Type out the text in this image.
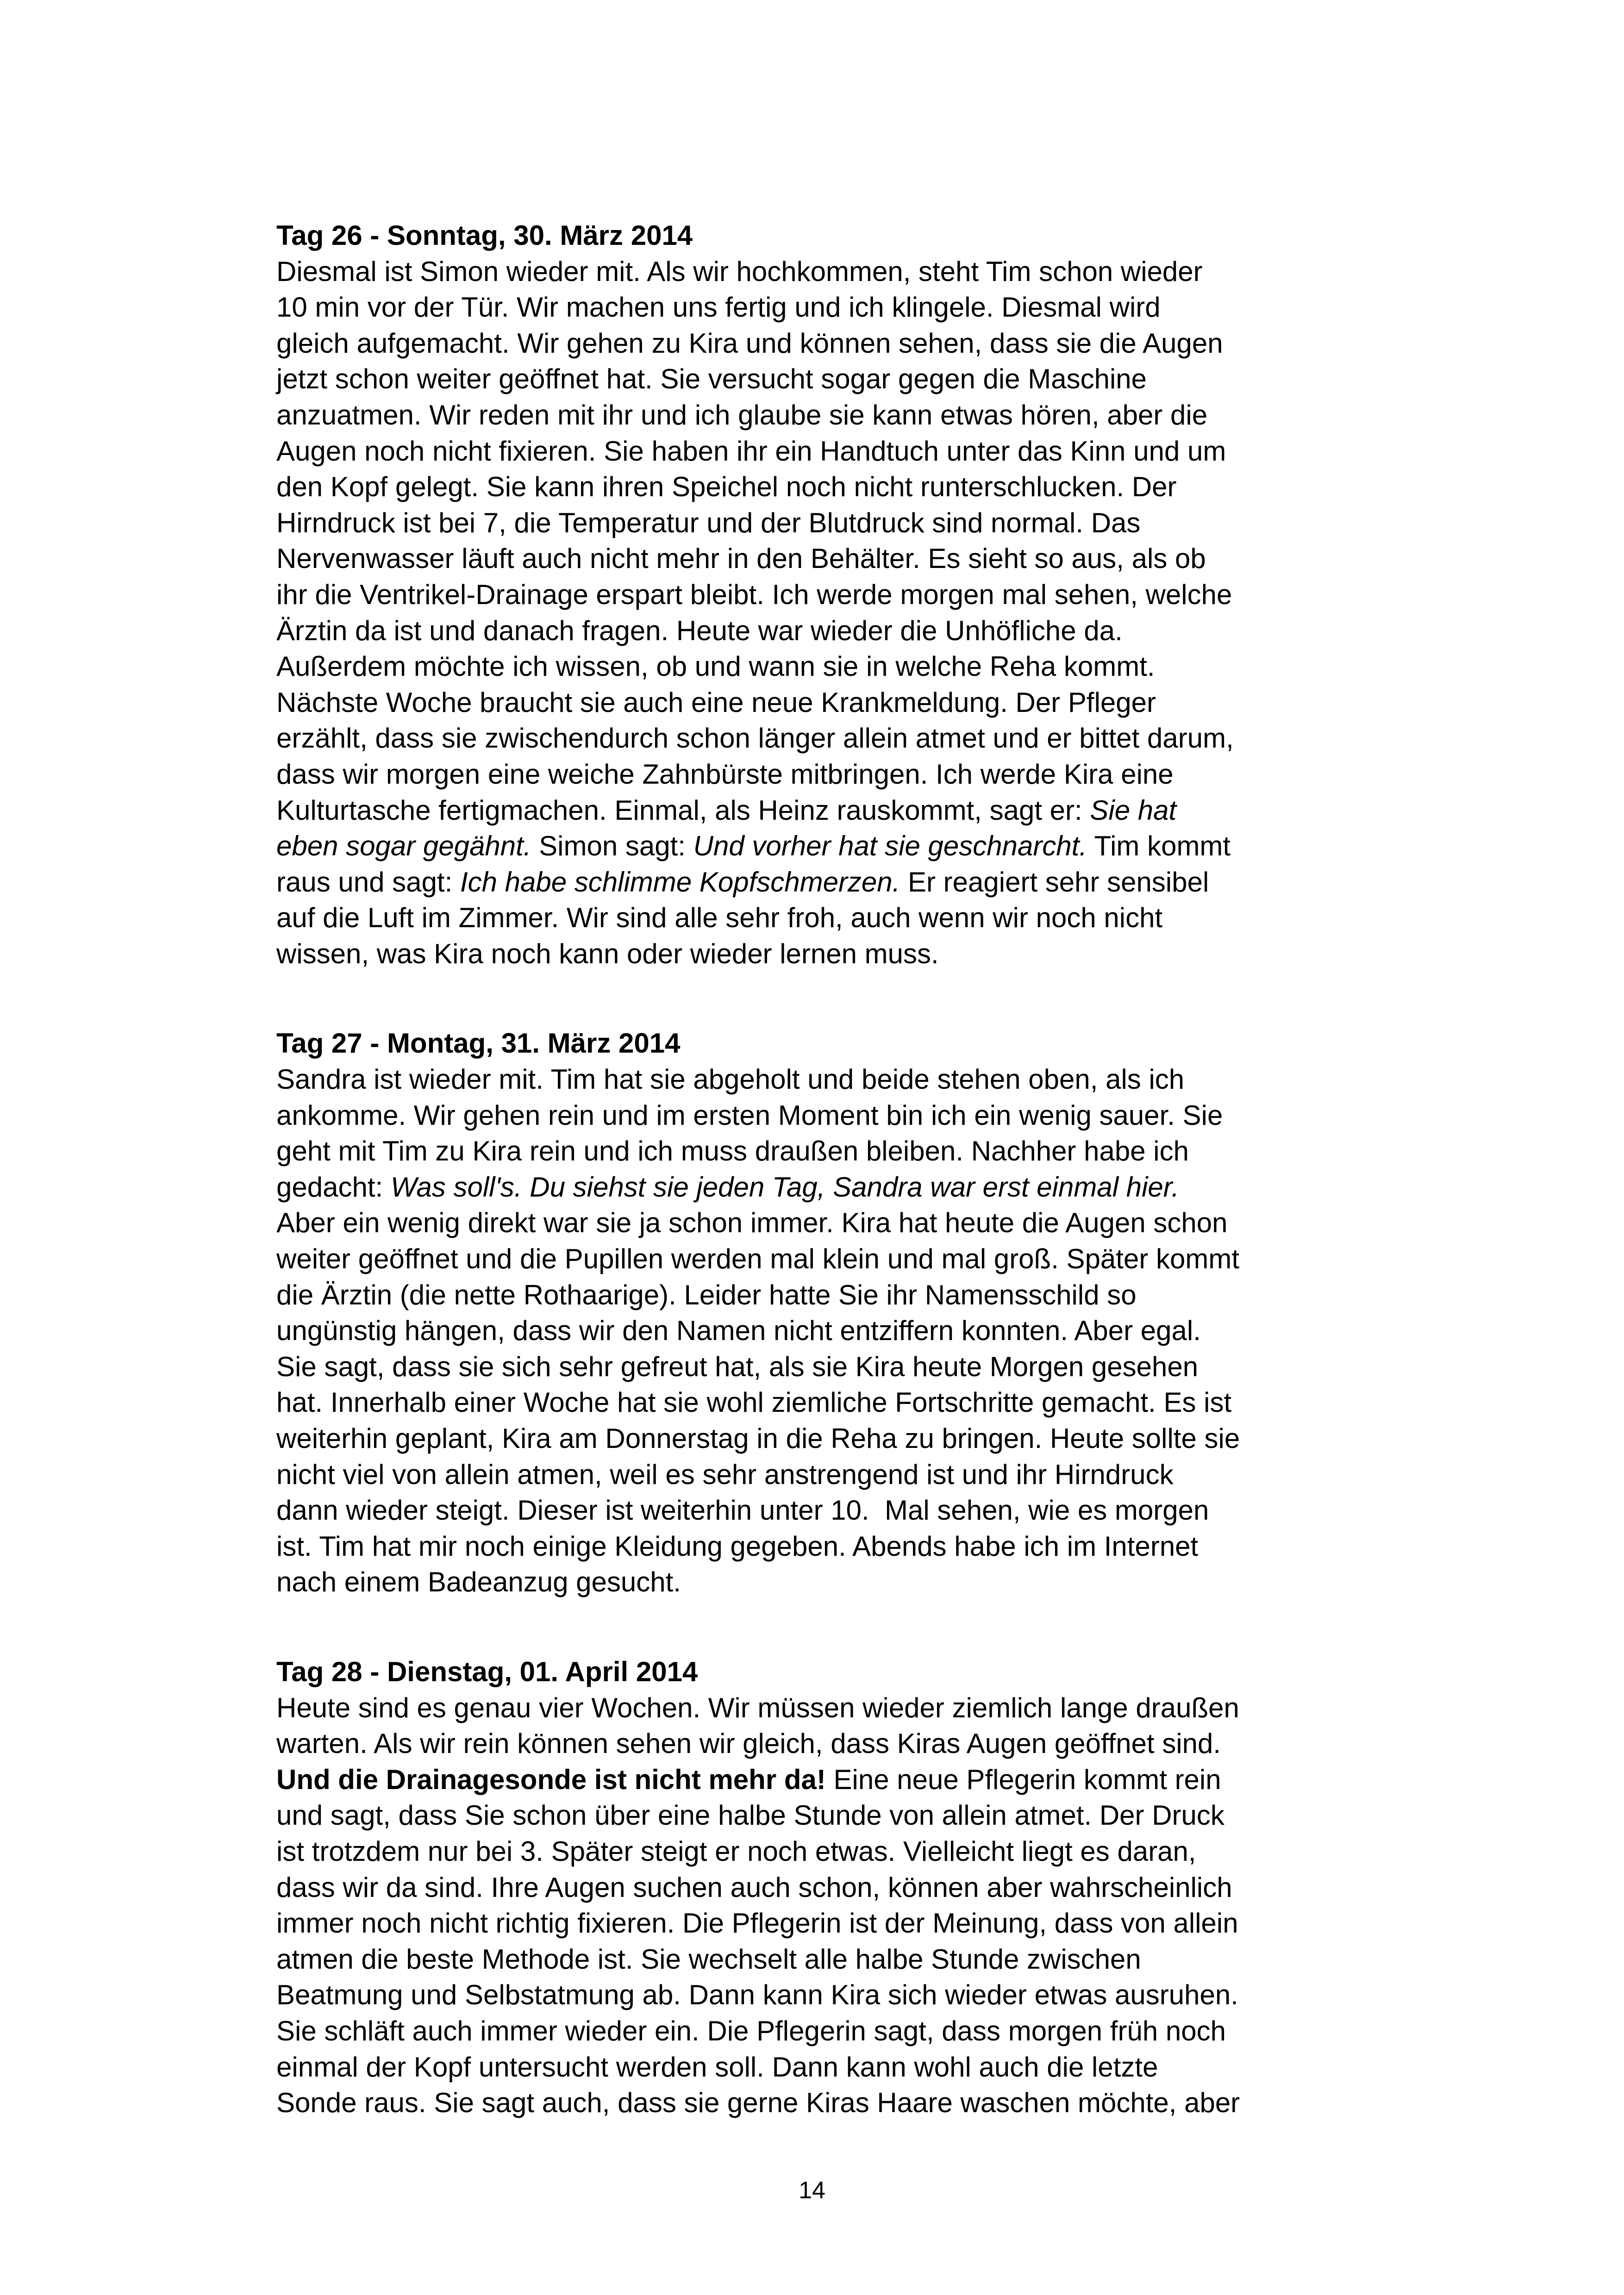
Tag 26 - Sonntag, 30. März 2014
Diesmal ist Simon wieder mit. Als wir hochkommen, steht Tim schon wieder
10 min vor der Tür. Wir machen uns fertig und ich klingele. Diesmal wird
gleich aufgemacht. Wir gehen zu Kira und können sehen, dass sie die Augen
jetzt schon weiter geöffnet hat. Sie versucht sogar gegen die Maschine
anzuatmen. Wir reden mit ihr und ich glaube sie kann etwas hören, aber die
Augen noch nicht fixieren. Sie haben ihr ein Handtuch unter das Kinn und um
den Kopf gelegt. Sie kann ihren Speichel noch nicht runterschlucken. Der
Hirndruck ist bei 7, die Temperatur und der Blutdruck sind normal. Das
Nervenwasser läuft auch nicht mehr in den Behälter. Es sieht so aus, als ob
ihr die Ventrikel-Drainage erspart bleibt. Ich werde morgen mal sehen, welche
Ärztin da ist und danach fragen. Heute war wieder die Unhöfliche da.
Außerdem möchte ich wissen, ob und wann sie in welche Reha kommt.
Nächste Woche braucht sie auch eine neue Krankmeldung. Der Pfleger
erzählt, dass sie zwischendurch schon länger allein atmet und er bittet darum,
dass wir morgen eine weiche Zahnbürste mitbringen. Ich werde Kira eine
Kulturtasche fertigmachen. Einmal, als Heinz rauskommt, sagt er: Sie hat
eben sogar gegähnt. Simon sagt: Und vorher hat sie geschnarcht. Tim kommt
raus und sagt: Ich habe schlimme Kopfschmerzen. Er reagiert sehr sensibel
auf die Luft im Zimmer. Wir sind alle sehr froh, auch wenn wir noch nicht
wissen, was Kira noch kann oder wieder lernen muss.
Tag 27 - Montag, 31. März 2014
Sandra ist wieder mit. Tim hat sie abgeholt und beide stehen oben, als ich
ankomme. Wir gehen rein und im ersten Moment bin ich ein wenig sauer. Sie
geht mit Tim zu Kira rein und ich muss draußen bleiben. Nachher habe ich
gedacht: Was soll's. Du siehst sie jeden Tag, Sandra war erst einmal hier.
Aber ein wenig direkt war sie ja schon immer. Kira hat heute die Augen schon
weiter geöffnet und die Pupillen werden mal klein und mal groß. Später kommt
die Ärztin (die nette Rothaarige). Leider hatte Sie ihr Namensschild so
ungünstig hängen, dass wir den Namen nicht entziffern konnten. Aber egal.
Sie sagt, dass sie sich sehr gefreut hat, als sie Kira heute Morgen gesehen
hat. Innerhalb einer Woche hat sie wohl ziemliche Fortschritte gemacht. Es ist
weiterhin geplant, Kira am Donnerstag in die Reha zu bringen. Heute sollte sie
nicht viel von allein atmen, weil es sehr anstrengend ist und ihr Hirndruck
dann wieder steigt. Dieser ist weiterhin unter 10.  Mal sehen, wie es morgen
ist. Tim hat mir noch einige Kleidung gegeben. Abends habe ich im Internet
nach einem Badeanzug gesucht.
Tag 28 - Dienstag, 01. April 2014
Heute sind es genau vier Wochen. Wir müssen wieder ziemlich lange draußen
warten. Als wir rein können sehen wir gleich, dass Kiras Augen geöffnet sind.
Und die Drainagesonde ist nicht mehr da! Eine neue Pflegerin kommt rein
und sagt, dass Sie schon über eine halbe Stunde von allein atmet. Der Druck
ist trotzdem nur bei 3. Später steigt er noch etwas. Vielleicht liegt es daran,
dass wir da sind. Ihre Augen suchen auch schon, können aber wahrscheinlich
immer noch nicht richtig fixieren. Die Pflegerin ist der Meinung, dass von allein
atmen die beste Methode ist. Sie wechselt alle halbe Stunde zwischen
Beatmung und Selbstatmung ab. Dann kann Kira sich wieder etwas ausruhen.
Sie schläft auch immer wieder ein. Die Pflegerin sagt, dass morgen früh noch
einmal der Kopf untersucht werden soll. Dann kann wohl auch die letzte
Sonde raus. Sie sagt auch, dass sie gerne Kiras Haare waschen möchte, aber
14
